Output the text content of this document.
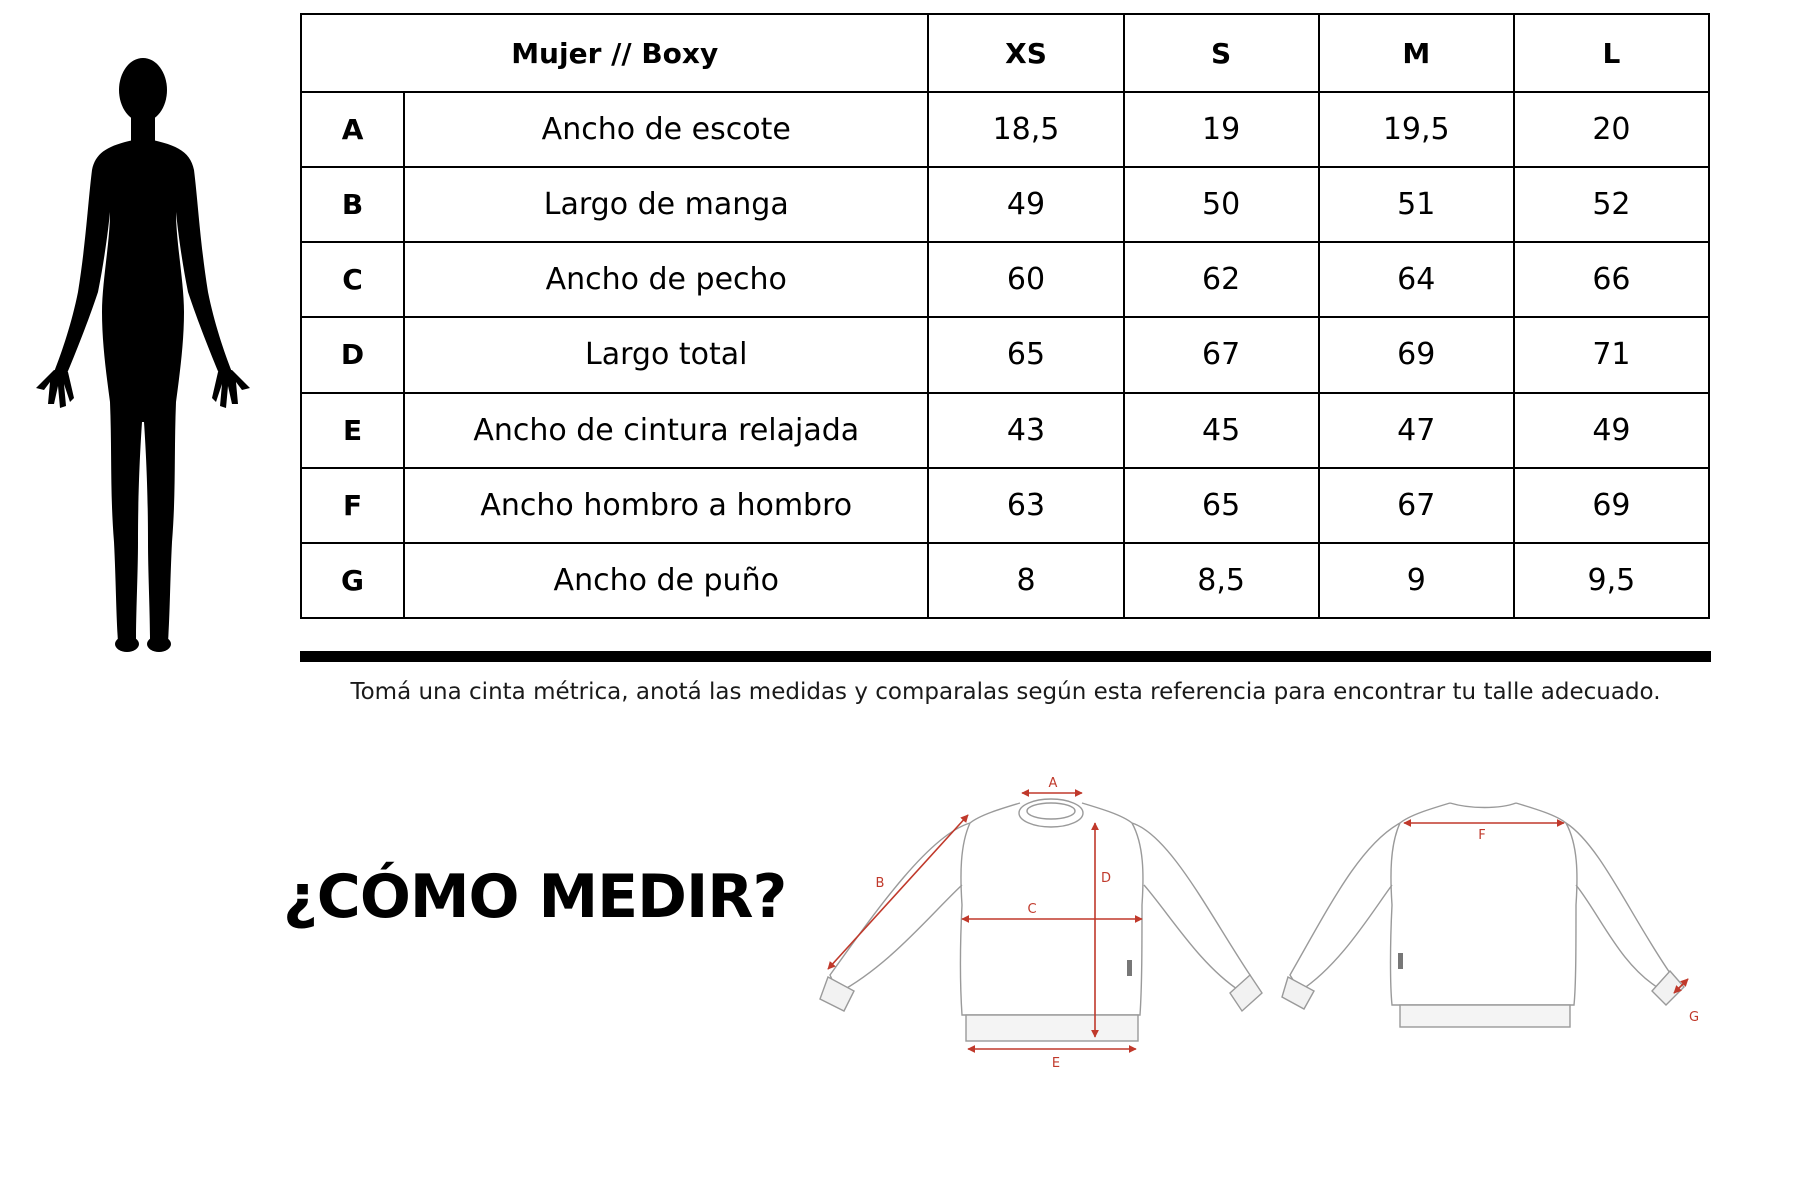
Mujer // Boxy		XS	S	M	L
A	Ancho de escote	18,5	19	19,5	20
B	Largo de manga	49	50	51	52
C	Ancho de pecho	60	62	64	66
D	Largo total	65	67	69	71
E	Ancho de cintura relajada	43	45	47	49
F	Ancho hombro a hombro	63	65	67	69
G	Ancho de puño	8	8,5	9	9,5
Tomá una cinta métrica, anotá las medidas y comparalas según esta referencia para encontrar tu talle adecuado.
¿CÓMO MEDIR?
A
B
C
D
E
F
G
